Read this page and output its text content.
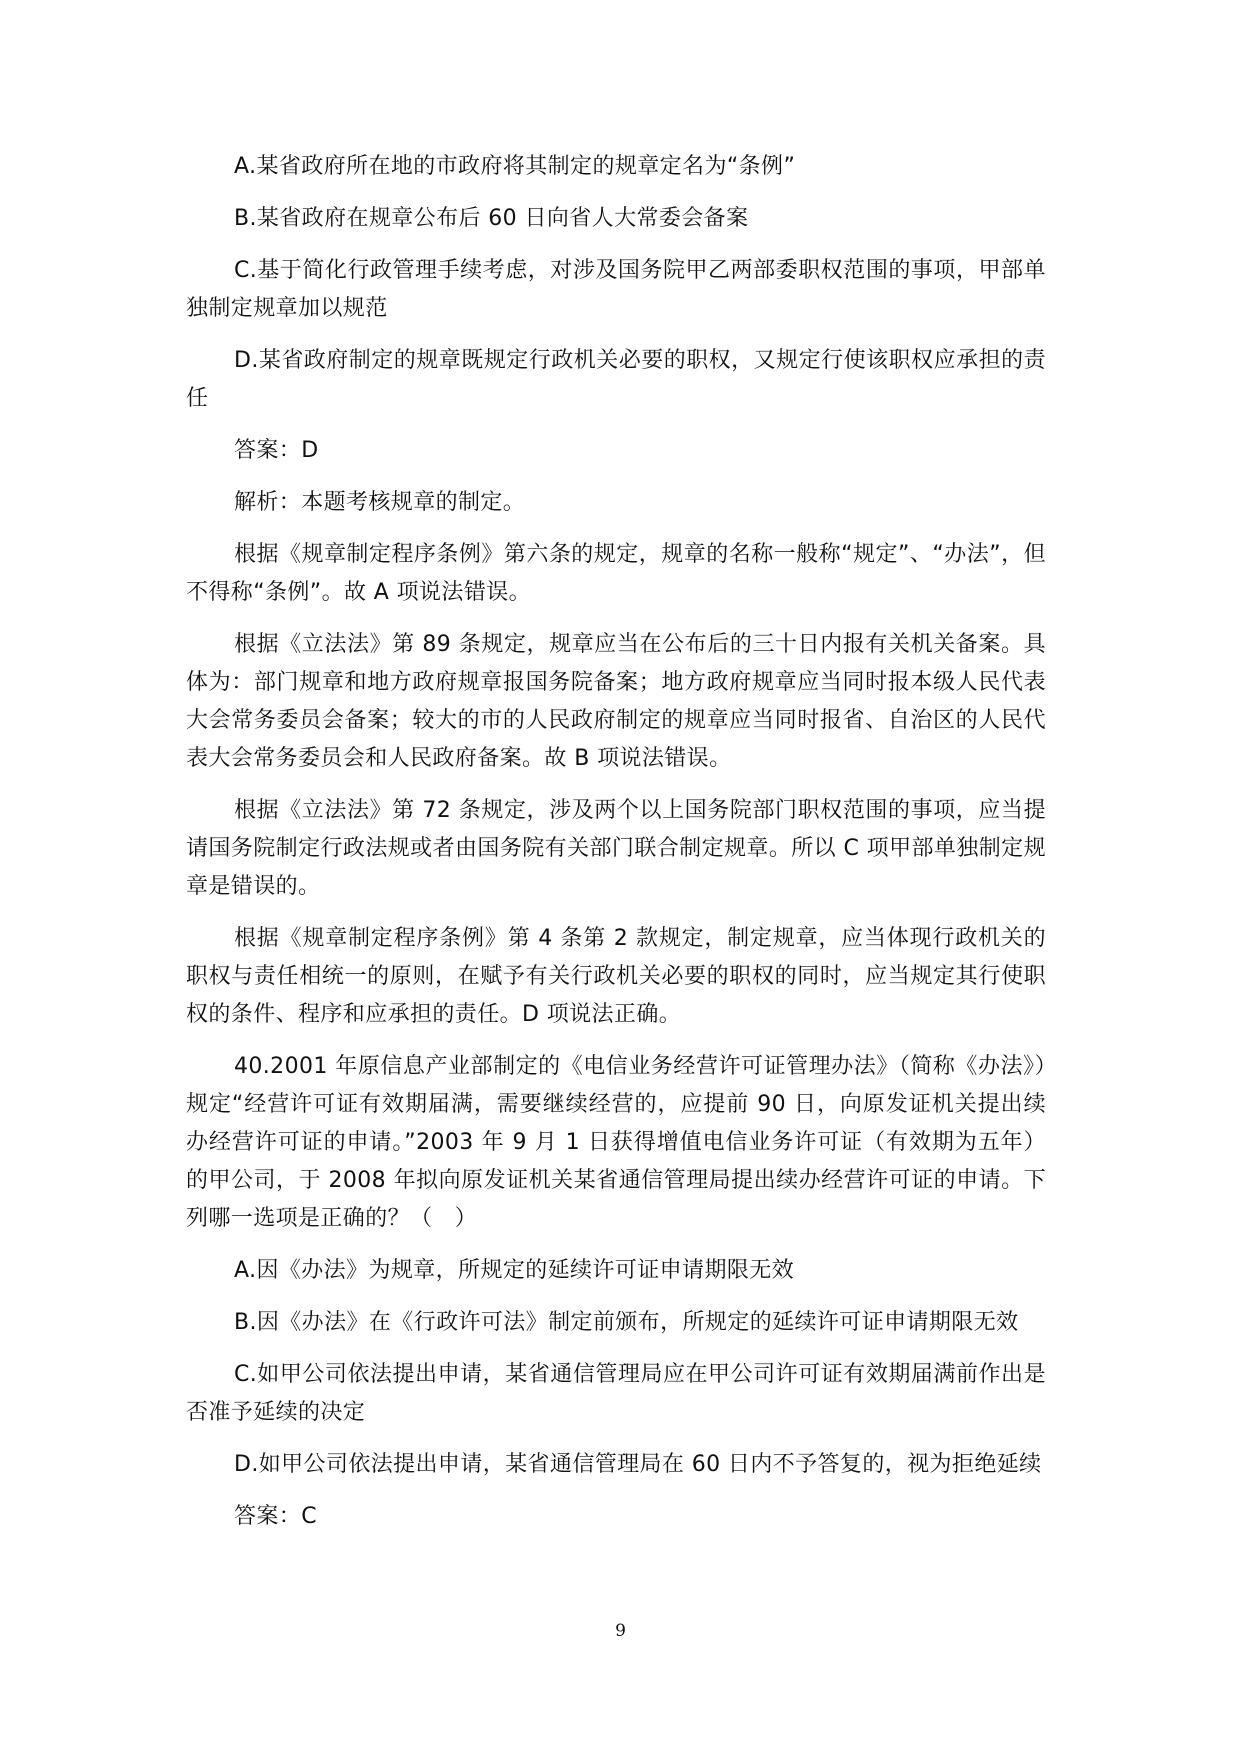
A.某省政府所在地的市政府将其制定的规章定名为“条例”

B.某省政府在规章公布后 60 日向省人大常委会备案

C.基于简化行政管理手续考虑，对涉及国务院甲乙两部委职权范围的事项，甲部单独制定规章加以规范

D.某省政府制定的规章既规定行政机关必要的职权，又规定行使该职权应承担的责任

答案：D

解析：本题考核规章的制定。

根据《规章制定程序条例》第六条的规定，规章的名称一般称“规定”、“办法”，但不得称“条例”。故 A 项说法错误。

根据《立法法》第 89 条规定，规章应当在公布后的三十日内报有关机关备案。具体为：部门规章和地方政府规章报国务院备案；地方政府规章应当同时报本级人民代表大会常务委员会备案；较大的市的人民政府制定的规章应当同时报省、自治区的人民代表大会常务委员会和人民政府备案。故 B 项说法错误。

根据《立法法》第 72 条规定，涉及两个以上国务院部门职权范围的事项，应当提请国务院制定行政法规或者由国务院有关部门联合制定规章。所以 C 项甲部单独制定规章是错误的。

根据《规章制定程序条例》第 4 条第 2 款规定，制定规章，应当体现行政机关的职权与责任相统一的原则，在赋予有关行政机关必要的职权的同时，应当规定其行使职权的条件、程序和应承担的责任。D 项说法正确。

40.2001 年原信息产业部制定的《电信业务经营许可证管理办法》（简称《办法》）规定“经营许可证有效期届满，需要继续经营的，应提前 90 日，向原发证机关提出续办经营许可证的申请。”2003 年 9 月 1 日获得增值电信业务许可证（有效期为五年）的甲公司，于 2008 年拟向原发证机关某省通信管理局提出续办经营许可证的申请。下列哪一选项是正确的？（　）

A.因《办法》为规章，所规定的延续许可证申请期限无效

B.因《办法》在《行政许可法》制定前颁布，所规定的延续许可证申请期限无效

C.如甲公司依法提出申请，某省通信管理局应在甲公司许可证有效期届满前作出是否准予延续的决定

D.如甲公司依法提出申请，某省通信管理局在 60 日内不予答复的，视为拒绝延续

答案：C

9
